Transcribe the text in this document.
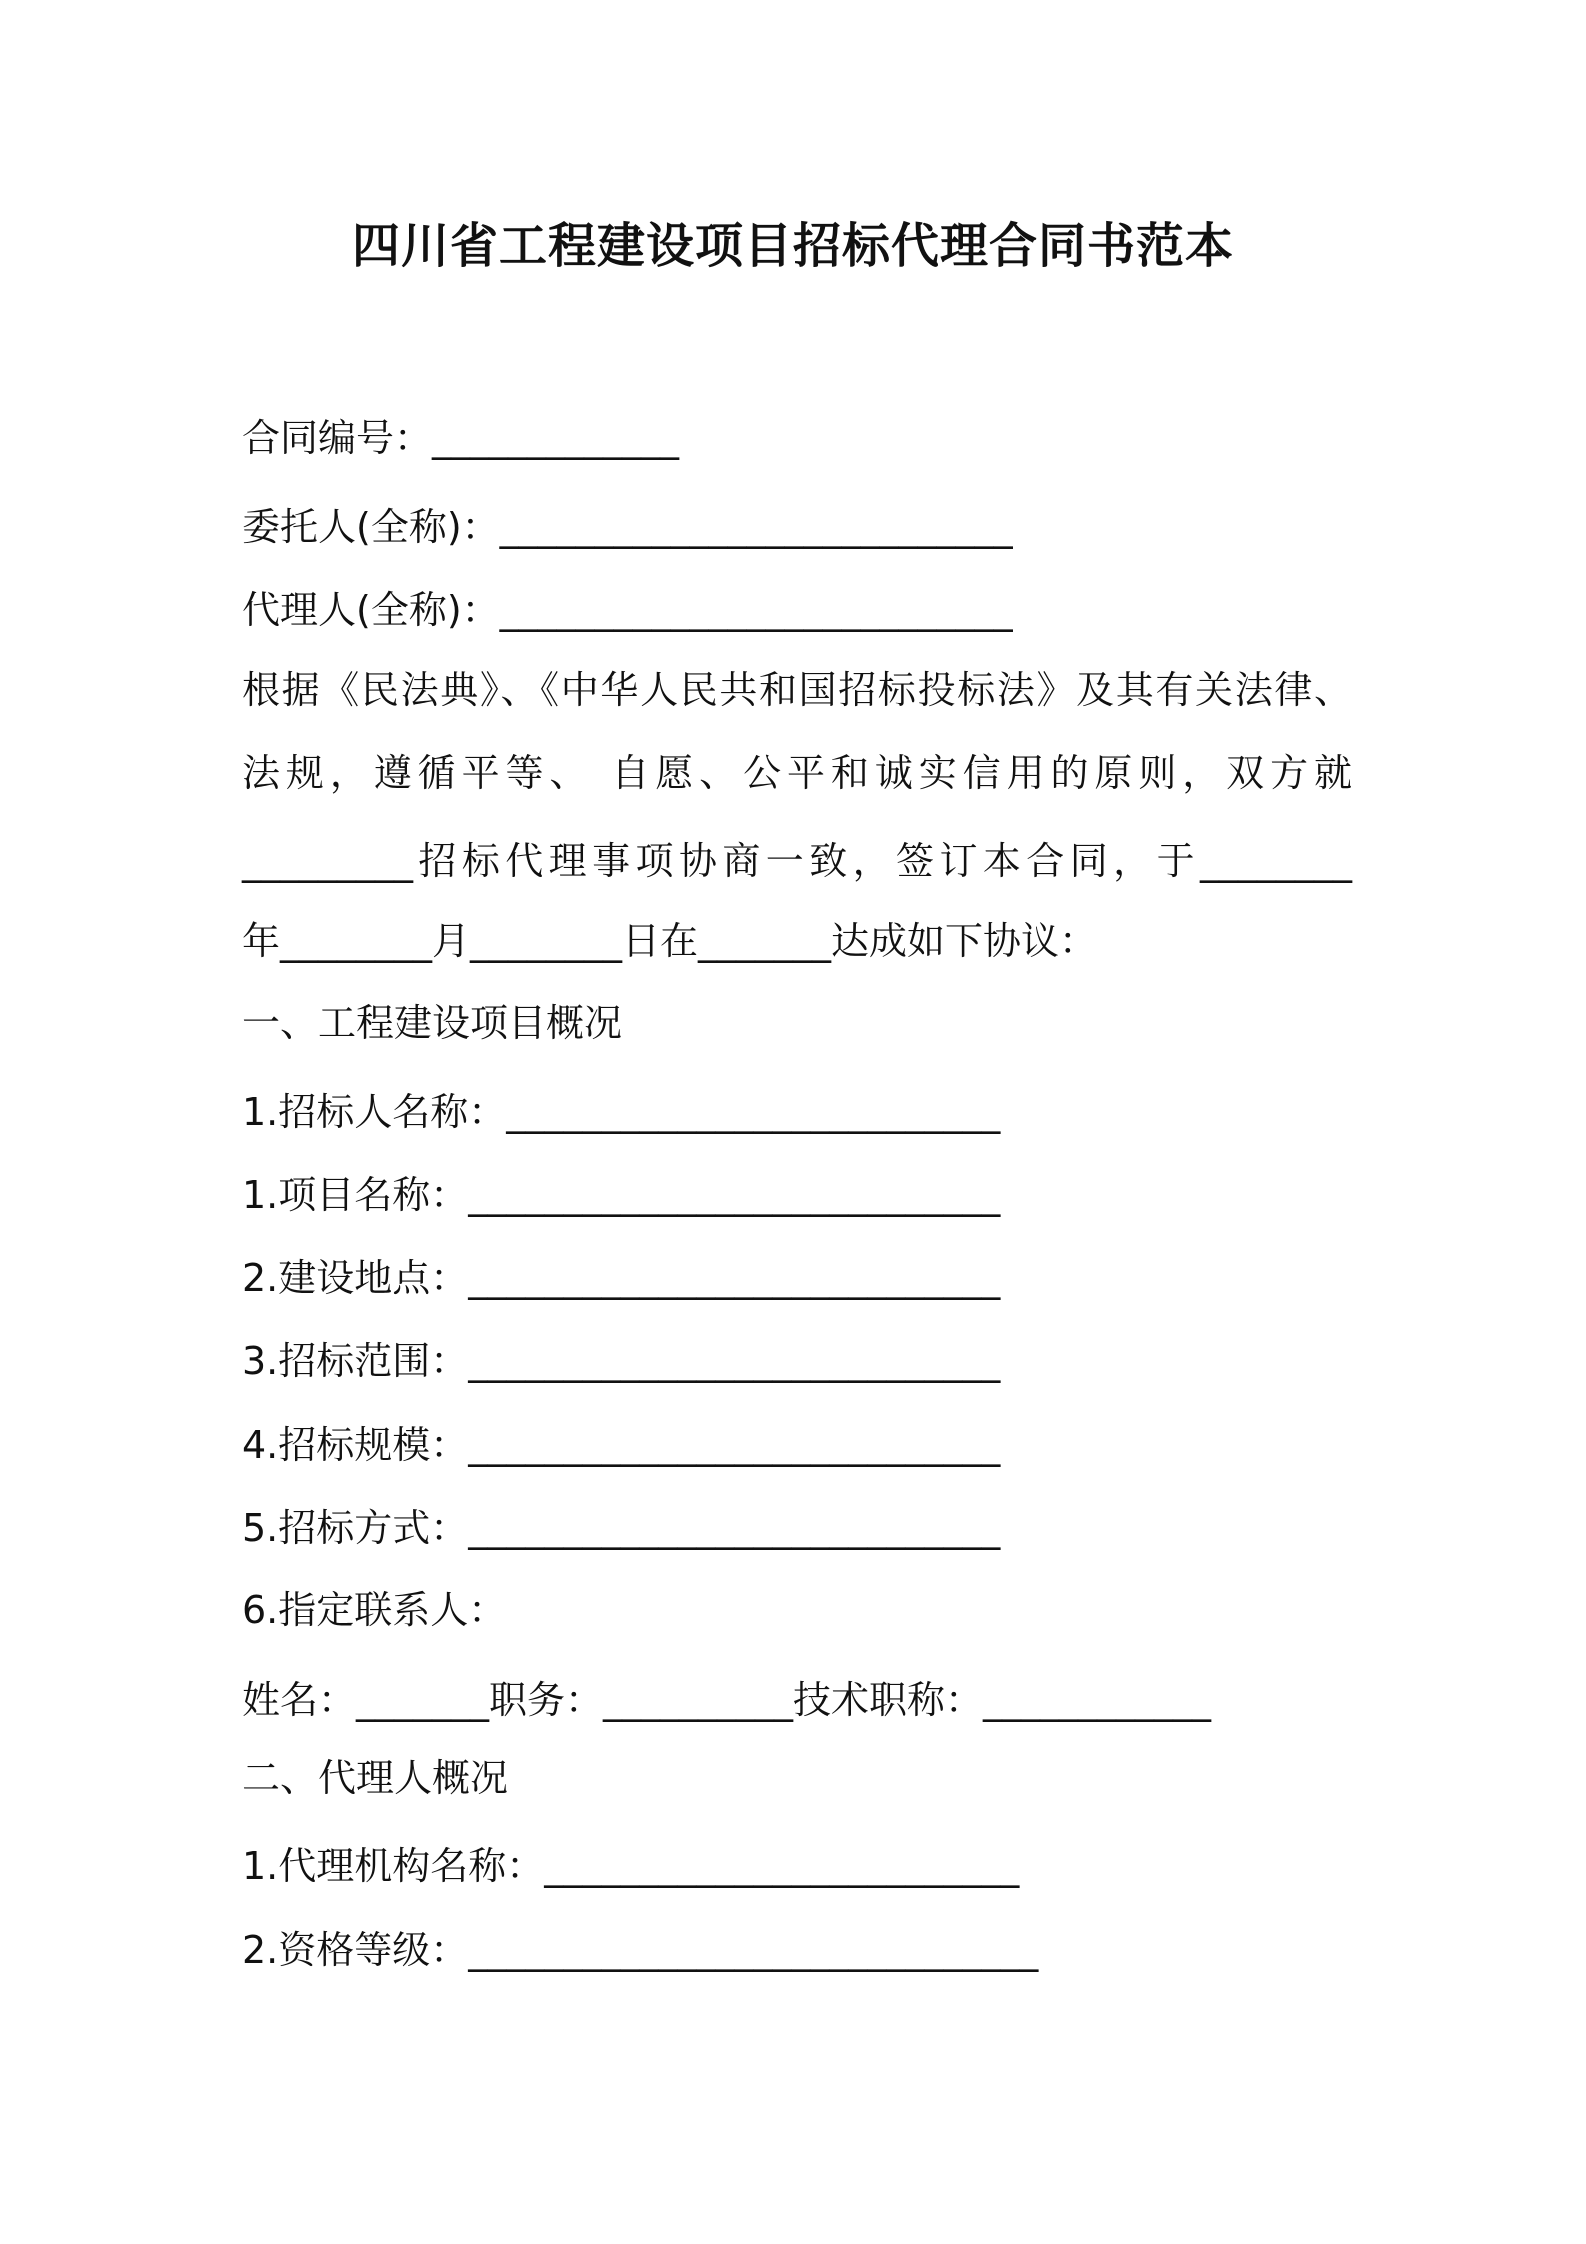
四川省工程建设项目招标代理合同书范本

合同编号：_____________

委托人(全称)：___________________________

代理人(全称)：___________________________

根据《民法典》、《中华人民共和国招标投标法》及其有关法律、

法规，遵循平等、 自愿、公平和诚实信用的原则，双方就

_________招标代理事项协商一致，签订本合同，于________

年________月________日在_______达成如下协议：

一、工程建设项目概况

1.招标人名称：__________________________

1.项目名称：____________________________

2.建设地点：____________________________

3.招标范围：____________________________

4.招标规模：____________________________

5.招标方式：____________________________

6.指定联系人：

姓名：_______职务：__________技术职称：____________

二、代理人概况

1.代理机构名称：_________________________

2.资格等级：______________________________
